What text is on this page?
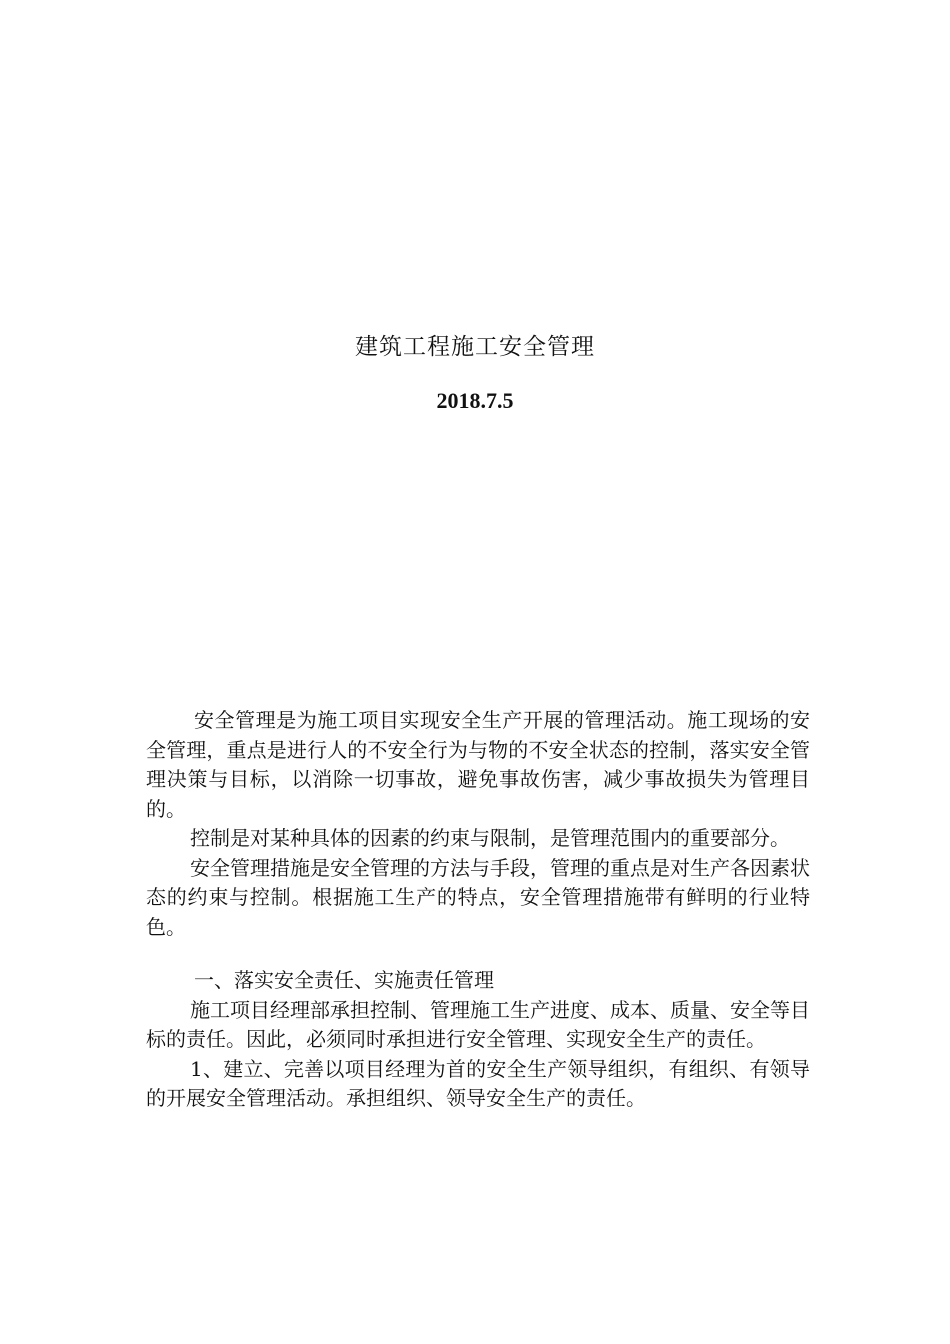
建筑工程施工安全管理
2018.7.5

安全管理是为施工项目实现安全生产开展的管理活动。施工现场的安全管理，重点是进行人的不安全行为与物的不安全状态的控制，落实安全管理决策与目标，以消除一切事故，避免事故伤害，减少事故损失为管理目的。

控制是对某种具体的因素的约束与限制，是管理范围内的重要部分。

安全管理措施是安全管理的方法与手段，管理的重点是对生产各因素状态的约束与控制。根据施工生产的特点，安全管理措施带有鲜明的行业特色。

一、落实安全责任、实施责任管理

施工项目经理部承担控制、管理施工生产进度、成本、质量、安全等目标的责任。因此，必须同时承担进行安全管理、实现安全生产的责任。

1、建立、完善以项目经理为首的安全生产领导组织，有组织、有领导的开展安全管理活动。承担组织、领导安全生产的责任。
